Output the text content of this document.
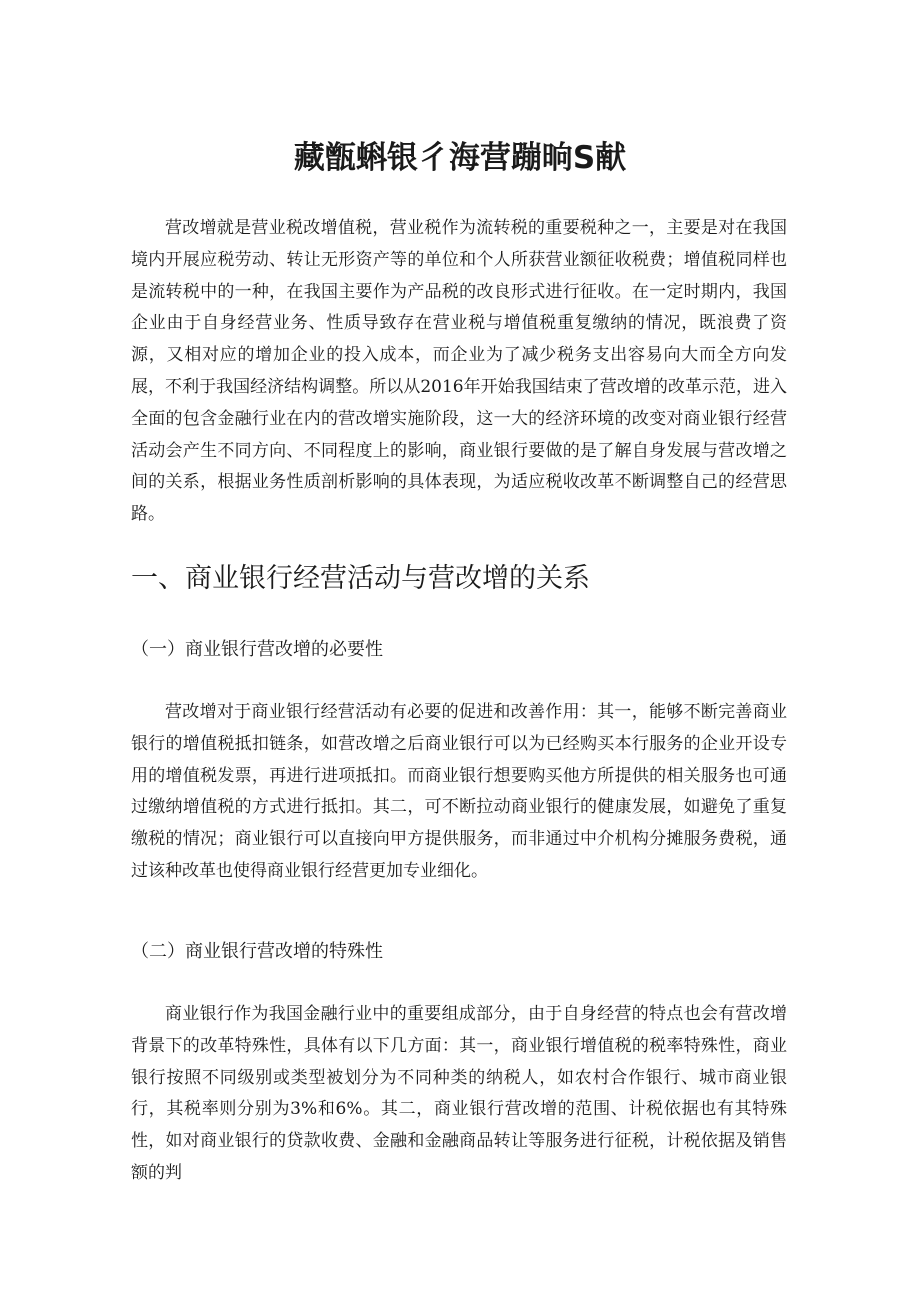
藏甑蝌银彳海营蹦晌S献

营改增就是营业税改增值税，营业税作为流转税的重要税种之一，主要是对在我国境内开展应税劳动、转让无形资产等的单位和个人所获营业额征收税费；增值税同样也是流转税中的一种，在我国主要作为产品税的改良形式进行征收。在一定时期内，我国企业由于自身经营业务、性质导致存在营业税与增值税重复缴纳的情况，既浪费了资源，又相对应的增加企业的投入成本，而企业为了减少税务支出容易向大而全方向发展，不利于我国经济结构调整。所以从2016年开始我国结束了营改增的改革示范，进入全面的包含金融行业在内的营改增实施阶段，这一大的经济环境的改变对商业银行经营活动会产生不同方向、不同程度上的影响，商业银行要做的是了解自身发展与营改增之间的关系，根据业务性质剖析影响的具体表现，为适应税收改革不断调整自己的经营思路。

一、商业银行经营活动与营改增的关系
（一）商业银行营改增的必要性

营改增对于商业银行经营活动有必要的促进和改善作用：其一，能够不断完善商业银行的增值税抵扣链条，如营改增之后商业银行可以为已经购买本行服务的企业开设专用的增值税发票，再进行进项抵扣。而商业银行想要购买他方所提供的相关服务也可通过缴纳增值税的方式进行抵扣。其二，可不断拉动商业银行的健康发展，如避免了重复缴税的情况；商业银行可以直接向甲方提供服务，而非通过中介机构分摊服务费税，通过该种改革也使得商业银行经营更加专业细化。

（二）商业银行营改增的特殊性

商业银行作为我国金融行业中的重要组成部分，由于自身经营的特点也会有营改增背景下的改革特殊性，具体有以下几方面：其一，商业银行增值税的税率特殊性，商业银行按照不同级别或类型被划分为不同种类的纳税人，如农村合作银行、城市商业银行，其税率则分别为3%和6%。其二，商业银行营改增的范围、计税依据也有其特殊性，如对商业银行的贷款收费、金融和金融商品转让等服务进行征税，计税依据及销售额的判
